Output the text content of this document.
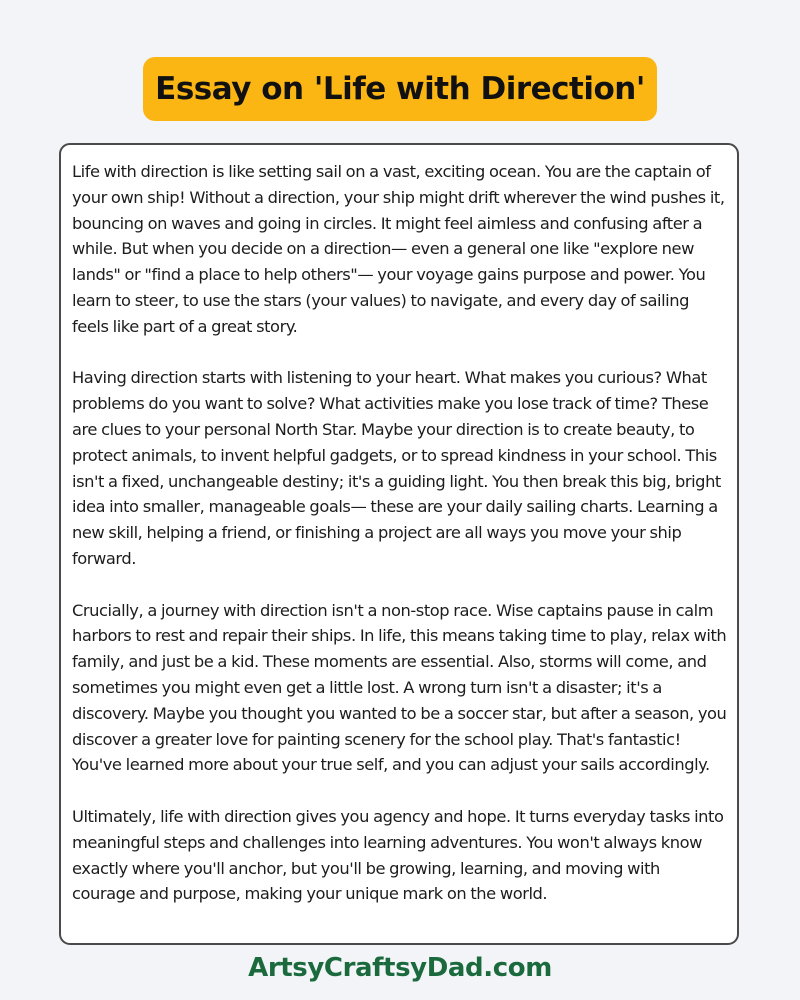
Essay on 'Life with Direction'

Life with direction is like setting sail on a vast, exciting ocean. You are the captain of your own ship! Without a direction, your ship might drift wherever the wind pushes it, bouncing on waves and going in circles. It might feel aimless and confusing after a while. But when you decide on a direction— even a general one like "explore new lands" or "find a place to help others"— your voyage gains purpose and power. You learn to steer, to use the stars (your values) to navigate, and every day of sailing feels like part of a great story.

Having direction starts with listening to your heart. What makes you curious? What problems do you want to solve? What activities make you lose track of time? These are clues to your personal North Star. Maybe your direction is to create beauty, to protect animals, to invent helpful gadgets, or to spread kindness in your school. This isn't a fixed, unchangeable destiny; it's a guiding light. You then break this big, bright idea into smaller, manageable goals— these are your daily sailing charts. Learning a new skill, helping a friend, or finishing a project are all ways you move your ship forward.

Crucially, a journey with direction isn't a non-stop race. Wise captains pause in calm harbors to rest and repair their ships. In life, this means taking time to play, relax with family, and just be a kid. These moments are essential. Also, storms will come, and sometimes you might even get a little lost. A wrong turn isn't a disaster; it's a discovery. Maybe you thought you wanted to be a soccer star, but after a season, you discover a greater love for painting scenery for the school play. That's fantastic! You've learned more about your true self, and you can adjust your sails accordingly.

Ultimately, life with direction gives you agency and hope. It turns everyday tasks into meaningful steps and challenges into learning adventures. You won't always know exactly where you'll anchor, but you'll be growing, learning, and moving with courage and purpose, making your unique mark on the world.

ArtsyCraftsyDad.com
